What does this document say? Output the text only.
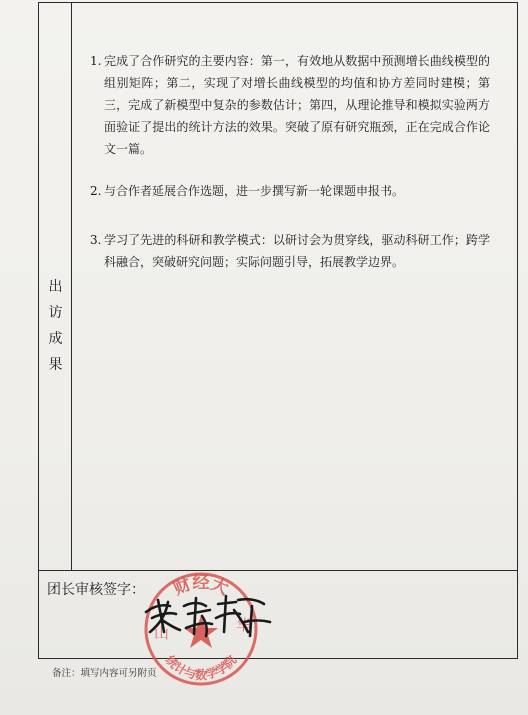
出访
成果
1. 完成了合作研究的主要内容：第一，有效地从数据中预测增长曲线模型的组别矩阵；第二，实现了对增长曲线模型的均值和协方差同时建模；第三，完成了新模型中复杂的参数估计；第四，从理论推导和模拟实验两方面验证了提出的统计方法的效果。突破了原有研究瓶颈，正在完成合作论文一篇。
2. 与合作者延展合作选题，进一步撰写新一轮课题申报书。
3. 学习了先进的科研和教学模式：以研讨会为贯穿线，驱动科研工作；跨学科融合，突破研究问题；实际问题引导，拓展教学边界。
团长审核签字： 财经大
统计与数学学院
山	华
备注：填写内容可另附页
